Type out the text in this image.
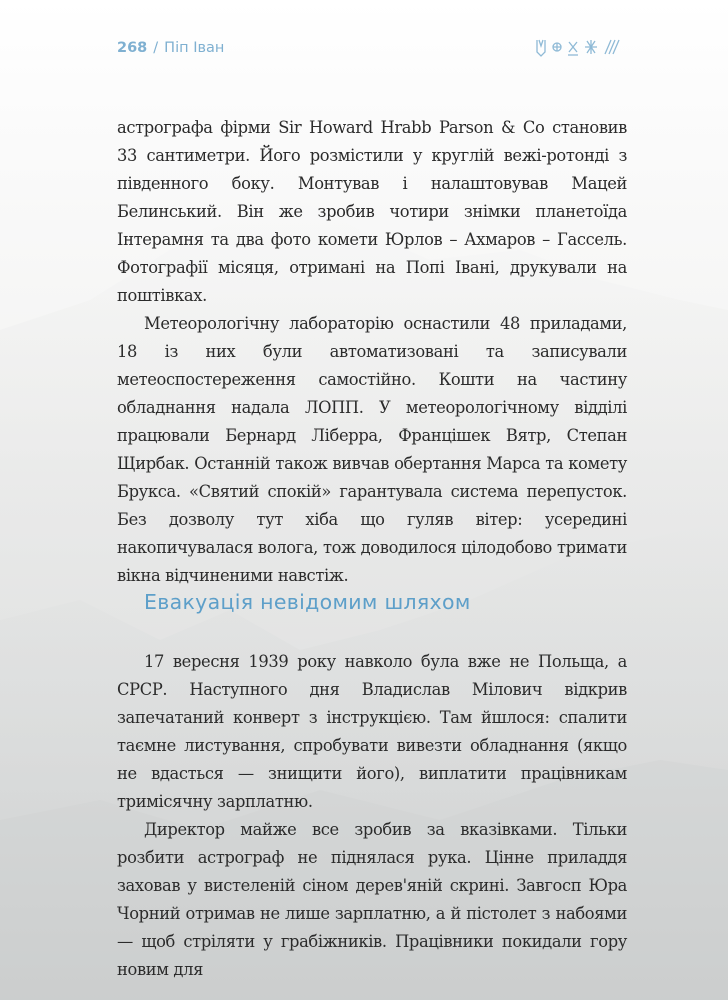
268 / Піп Іван

астрографа фірми Sir Howard Hrabb Parson & Co становив 33 сантиметри. Його розмістили у круглій вежі-ротонді з південного боку. Монтував і налаштовував Мацей Белинський. Він же зробив чотири знімки планетоїда Інтерамня та два фото комети Юрлов – Ахмаров – Гассель. Фотографії місяця, отримані на Попі Івані, друкували на поштівках.

Метеорологічну лабораторію оснастили 48 приладами, 18 із них були автоматизовані та записували метеоспостереження самостійно. Кошти на частину обладнання надала ЛОПП. У метеорологічному відділі працювали Бернард Ліберра, Францішек Вятр, Степан Щирбак. Останній також вивчав обертання Марса та комету Брукса. «Святий спокій» гарантувала система перепусток. Без дозволу тут хіба що гуляв вітер: усередині накопичувалася волога, тож доводилося цілодобово тримати вікна відчиненими навстіж.

Евакуація невідомим шляхом

17 вересня 1939 року навколо була вже не Польща, а СРСР. Наступного дня Владислав Мілович відкрив запечатаний конверт з інструкцією. Там йшлося: спалити таємне листування, спробувати вивезти обладнання (якщо не вдасться — знищити його), виплатити працівникам тримісячну зарплатню.

Директор майже все зробив за вказівками. Тільки розбити астрограф не піднялася рука. Цінне приладдя заховав у вистеленій сіном дерев'яній скрині. Завгосп Юра Чорний отримав не лише зарплатню, а й пістолет з набоями — щоб стріляти у грабіжників. Працівники покидали гору новим для
